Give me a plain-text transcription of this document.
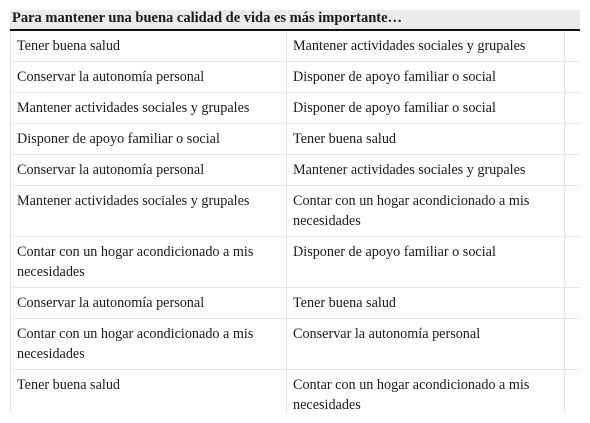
Para mantener una buena calidad de vida es más importante…
Tener buena salud	Mantener actividades sociales y grupales	
Conservar la autonomía personal	Disponer de apoyo familiar o social	
Mantener actividades sociales y grupales	Disponer de apoyo familiar o social	
Disponer de apoyo familiar o social	Tener buena salud	
Conservar la autonomía personal	Mantener actividades sociales y grupales	
Mantener actividades sociales y grupales	Contar con un hogar acondicionado a mis necesidades	
Contar con un hogar acondicionado a mis necesidades	Disponer de apoyo familiar o social	
Conservar la autonomía personal	Tener buena salud	
Contar con un hogar acondicionado a mis necesidades	Conservar la autonomía personal	
Tener buena salud	Contar con un hogar acondicionado a mis necesidades	
